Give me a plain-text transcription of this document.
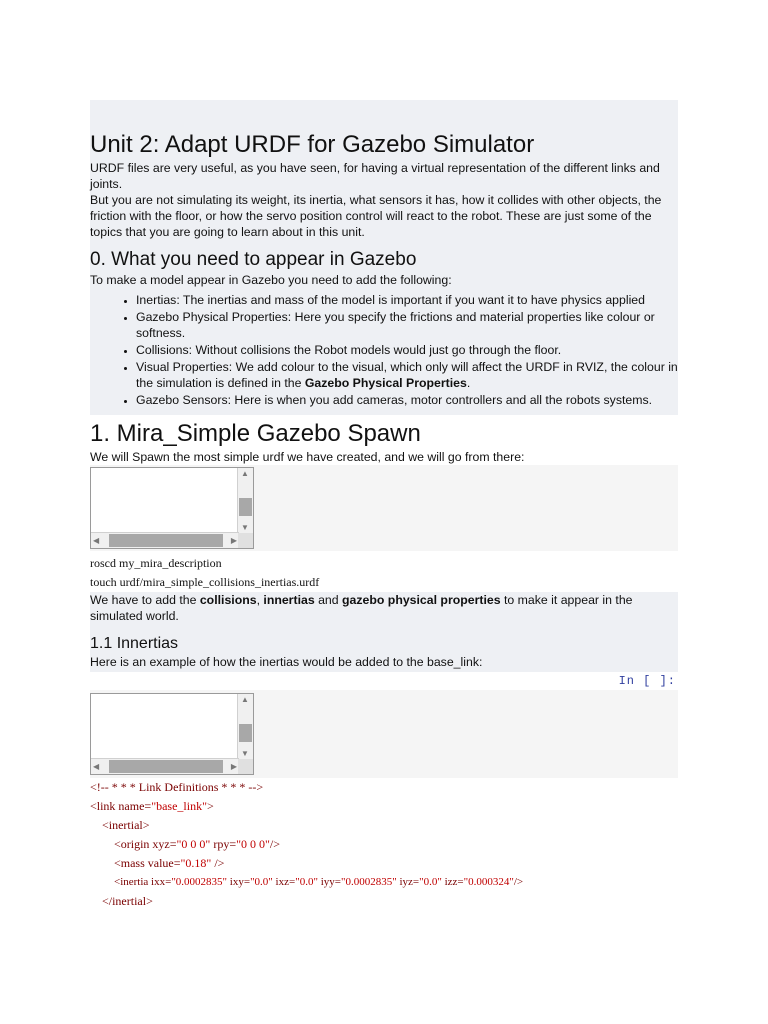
Unit 2: Adapt URDF for Gazebo Simulator

URDF files are very useful, as you have seen, for having a virtual representation of the different links and joints.

But you are not simulating its weight, its inertia, what sensors it has, how it collides with other objects, the friction with the floor, or how the servo position control will react to the robot. These are just some of the topics that you are going to learn about in this unit.

0. What you need to appear in Gazebo

To make a model appear in Gazebo you need to add the following:

• Inertias: The inertias and mass of the model is important if you want it to have physics applied
• Gazebo Physical Properties: Here you specify the frictions and material properties like colour or softness.
• Collisions: Without collisions the Robot models would just go through the floor.
• Visual Properties: We add colour to the visual, which only will affect the URDF in RVIZ, the colour in the simulation is defined in the Gazebo Physical Properties.
• Gazebo Sensors: Here is when you add cameras, motor controllers and all the robots systems.
1. Mira_Simple Gazebo Spawn

We will Spawn the most simple urdf we have created, and we will go from there:

▲
▼
◀	▶
roscd my_mira_description
touch urdf/mira_simple_collisions_inertias.urdf

We have to add the collisions, innertias and gazebo physical properties to make it appear in the simulated world.

1.1 Innertias

Here is an example of how the inertias would be added to the base_link:

In [ ]:
▲
▼
◀	▶
<!-- * * * Link Definitions * * * -->
<link name="base_link">
<inertial>
<origin xyz="0 0 0" rpy="0 0 0"/>
<mass value="0.18" />
<inertia ixx="0.0002835" ixy="0.0" ixz="0.0" iyy="0.0002835" iyz="0.0" izz="0.000324"/>
</inertial>
